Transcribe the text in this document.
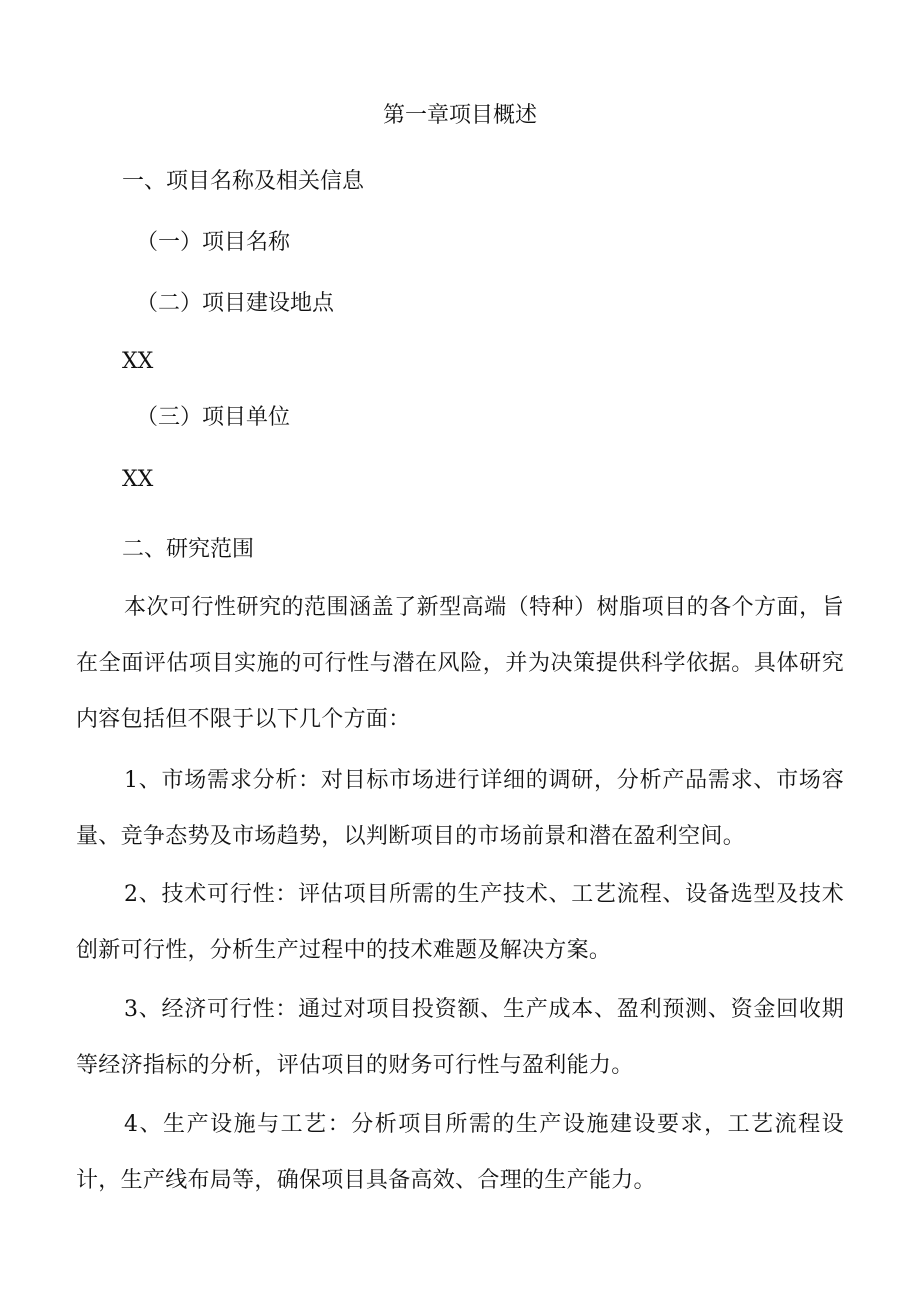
第一章项目概述
一、项目名称及相关信息
（一）项目名称
（二）项目建设地点
XX
（三）项目单位
XX
二、研究范围
本次可行性研究的范围涵盖了新型高端（特种）树脂项目的各个方面，旨在全面评估项目实施的可行性与潜在风险，并为决策提供科学依据。具体研究内容包括但不限于以下几个方面：
1、市场需求分析：对目标市场进行详细的调研，分析产品需求、市场容量、竞争态势及市场趋势，以判断项目的市场前景和潜在盈利空间。
2、技术可行性：评估项目所需的生产技术、工艺流程、设备选型及技术创新可行性，分析生产过程中的技术难题及解决方案。
3、经济可行性：通过对项目投资额、生产成本、盈利预测、资金回收期等经济指标的分析，评估项目的财务可行性与盈利能力。
4、生产设施与工艺：分析项目所需的生产设施建设要求，工艺流程设计，生产线布局等，确保项目具备高效、合理的生产能力。
